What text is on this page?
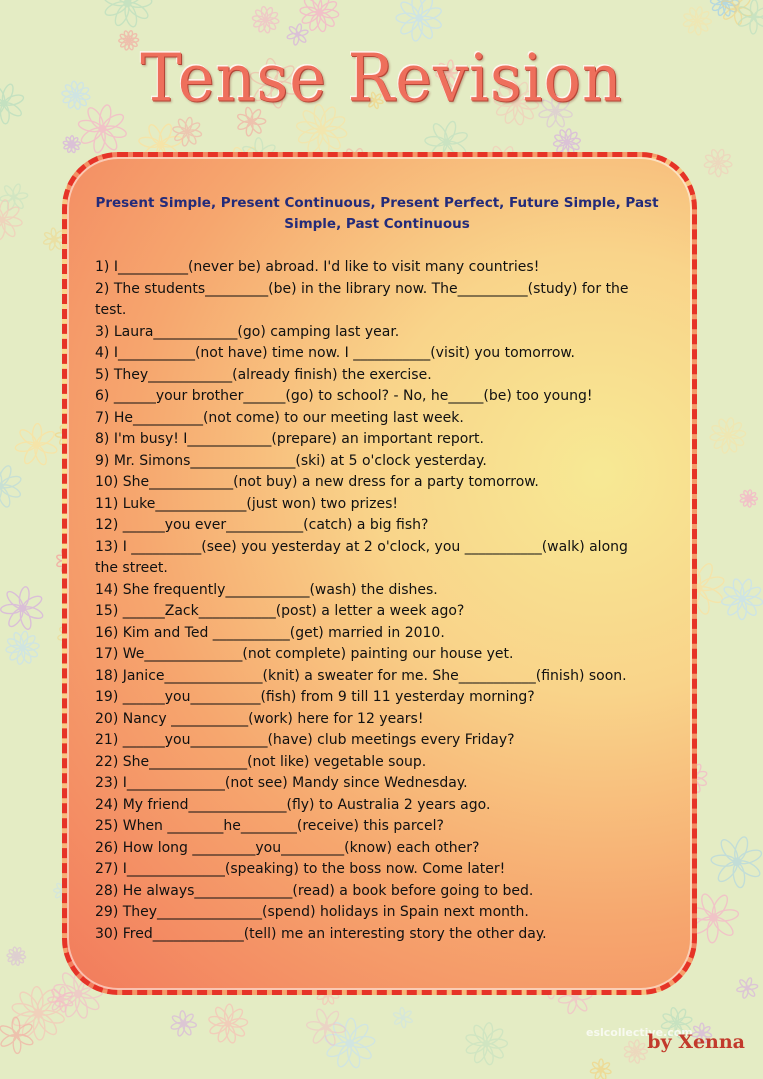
Tense Revision
Present Simple, Present Continuous, Present Perfect, Future Simple, Past Simple, Past Continuous
1) I__________(never be) abroad. I'd like to visit many countries!
2) The students_________(be) in the library now. The__________(study) for the test.
3) Laura____________(go) camping last year.
4) I___________(not have) time now. I ___________(visit) you tomorrow.
5) They____________(already finish) the exercise.
6) ______your brother______(go) to school? - No, he_____(be) too young!
7) He__________(not come) to our meeting last week.
8) I'm busy! I____________(prepare) an important report.
9) Mr. Simons_______________(ski) at 5 o'clock yesterday.
10) She____________(not buy) a new dress for a party tomorrow.
11) Luke_____________(just won) two prizes!
12) ______you ever___________(catch) a big fish?
13) I __________(see) you yesterday at 2 o'clock, you ___________(walk) along the street.
14) She frequently____________(wash) the dishes.
15) ______Zack___________(post) a letter a week ago?
16) Kim and Ted ___________(get) married in 2010.
17) We______________(not complete) painting our house yet.
18) Janice______________(knit) a sweater for me. She___________(finish) soon.
19) ______you__________(fish) from 9 till 11 yesterday morning?
20) Nancy ___________(work) here for 12 years!
21) ______you___________(have) club meetings every Friday?
22) She______________(not like) vegetable soup.
23) I______________(not see) Mandy since Wednesday.
24) My friend______________(fly) to Australia 2 years ago.
25) When ________he________(receive) this parcel?
26) How long _________you_________(know) each other?
27) I______________(speaking) to the boss now. Come later!
28) He always______________(read) a book before going to bed.
29) They_______________(spend) holidays in Spain next month.
30) Fred_____________(tell) me an interesting story the other day.
eslcollective.com
by Xenna
